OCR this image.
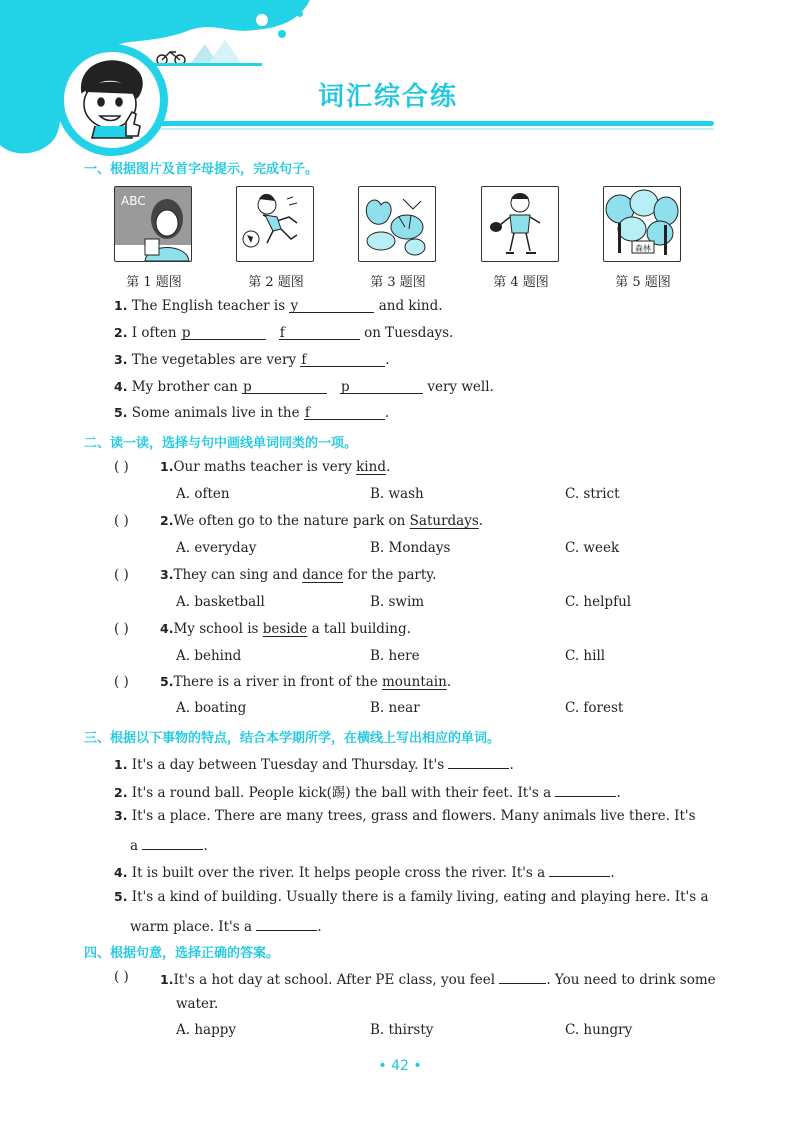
词汇综合练
一、根据图片及首字母提示，完成句子。
ABC
第 1 题图	第 2 题图	第 3 题图	第 4 题图
森林
第 5 题图
1. The English teacher is y	and kind.
2. I often p	f	on Tuesdays.
3. The vegetables are very f	.
4. My brother can p	p	very well.
5. Some animals live in the f	.
二、读一读，选择与句中画线单词同类的一项。
( ) 1.Our maths teacher is very kind.
A. often	B. wash	C. strict
( ) 2.We often go to the nature park on Saturdays.
A. everyday	B. Mondays	C. week
( ) 3.They can sing and dance for the party.
A. basketball	B. swim	C. helpful
( ) 4.My school is beside a tall building.
A. behind	B. here	C. hill
( ) 5.There is a river in front of the mountain.
A. boating	B. near	C. forest
三、根据以下事物的特点，结合本学期所学，在横线上写出相应的单词。
1. It's a day between Tuesday and Thursday. It's	.
2. It's a round ball. People kick(踢) the ball with their feet. It's a	.
3. It's a place. There are many trees, grass and flowers. Many animals live there. It's
a	.
4. It is built over the river. It helps people cross the river. It's a	.
5. It's a kind of building. Usually there is a family living, eating and playing here. It's a
warm place. It's a	.
四、根据句意，选择正确的答案。
( ) 1.It's a hot day at school. After PE class, you feel	. You need to drink some
water.
A. happy	B. thirsty	C. hungry
• 42 •
